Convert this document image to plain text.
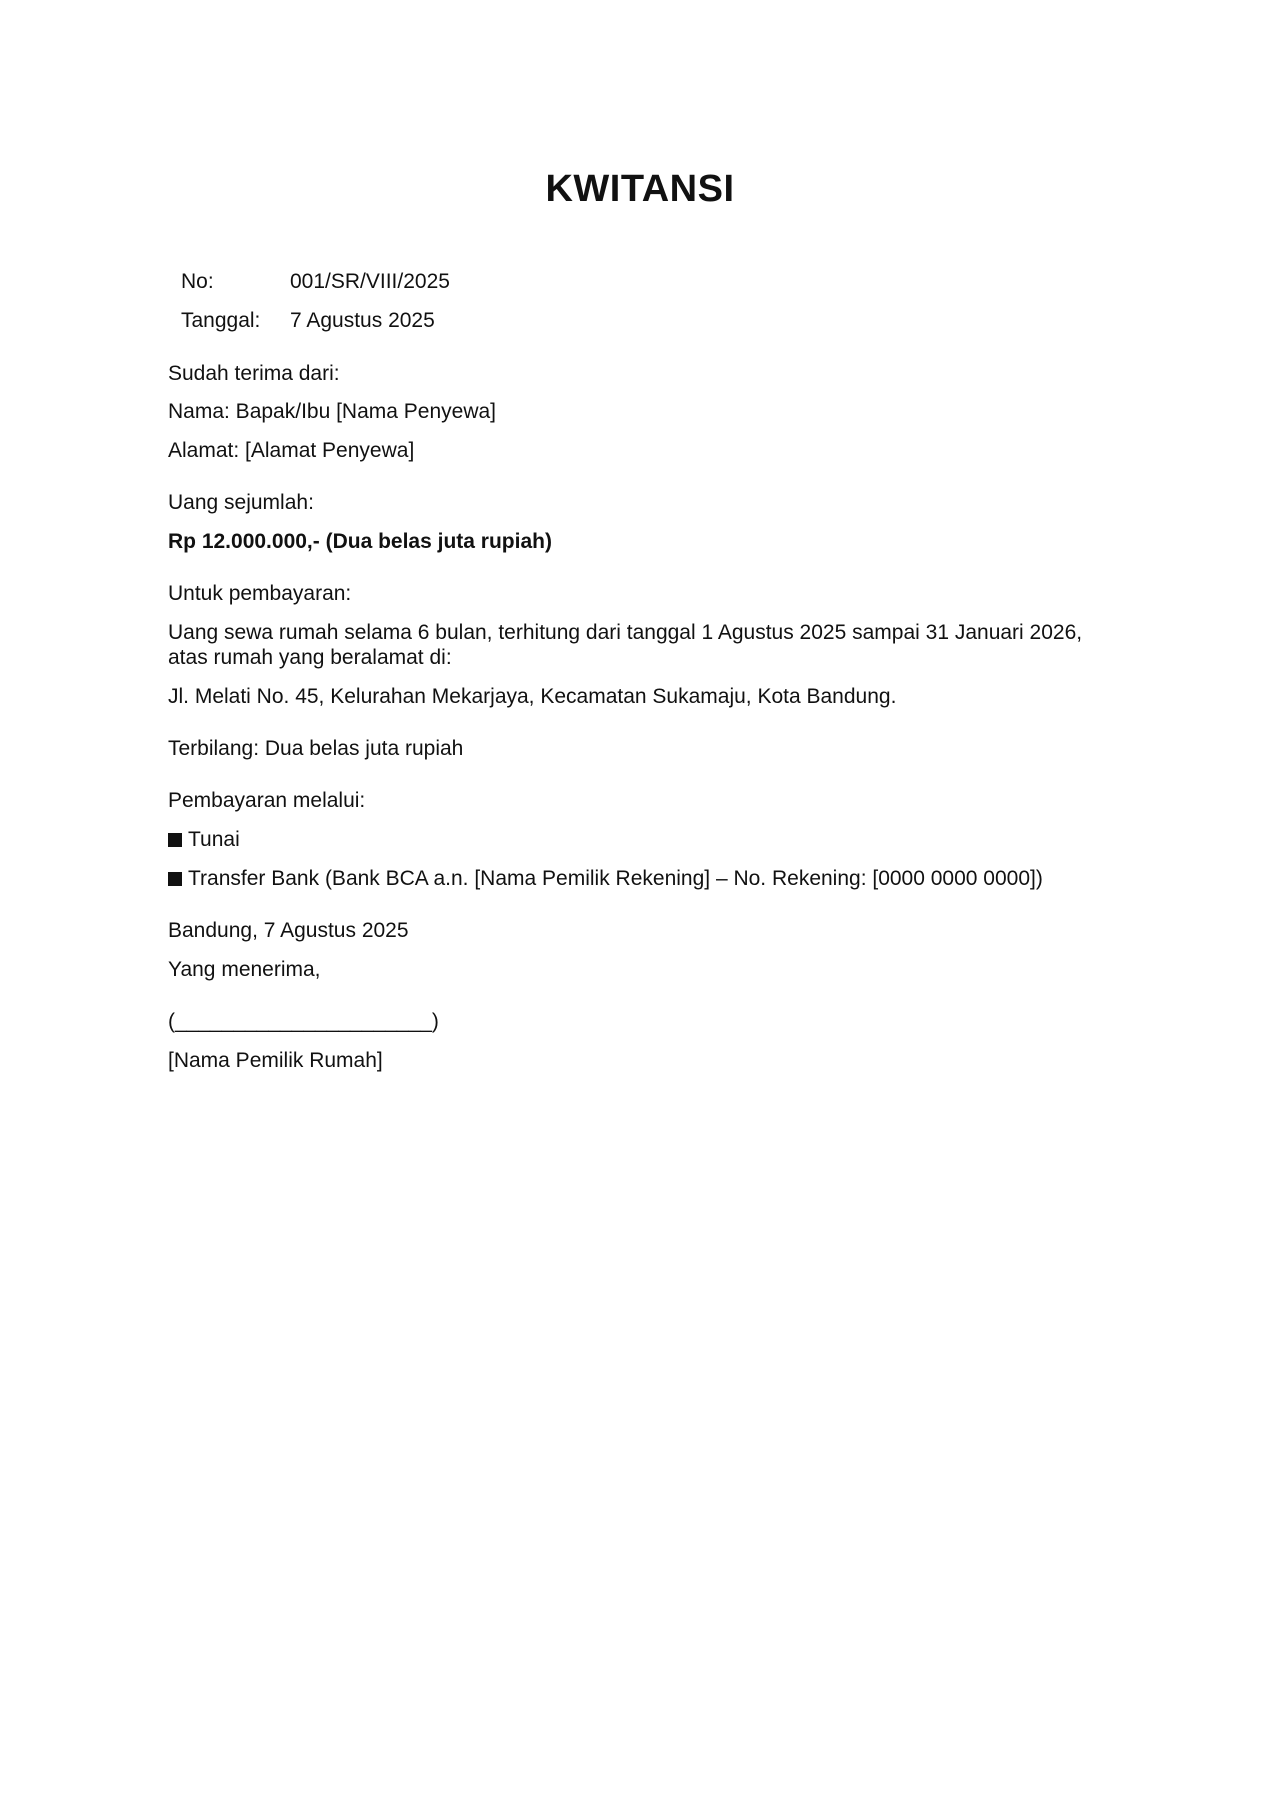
KWITANSI
No:	001/SR/VIII/2025
Tanggal:	7 Agustus 2025

Sudah terima dari:

Nama: Bapak/Ibu [Nama Penyewa]

Alamat: [Alamat Penyewa]

Uang sejumlah:

Rp 12.000.000,- (Dua belas juta rupiah)

Untuk pembayaran:

Uang sewa rumah selama 6 bulan, terhitung dari tanggal 1 Agustus 2025 sampai 31 Januari 2026,

atas rumah yang beralamat di:

Jl. Melati No. 45, Kelurahan Mekarjaya, Kecamatan Sukamaju, Kota Bandung.

Terbilang: Dua belas juta rupiah

Pembayaran melalui:

Tunai

Transfer Bank (Bank BCA a.n. [Nama Pemilik Rekening] – No. Rekening: [0000 0000 0000])

Bandung, 7 Agustus 2025

Yang menerima,

(______________________)

[Nama Pemilik Rumah]
